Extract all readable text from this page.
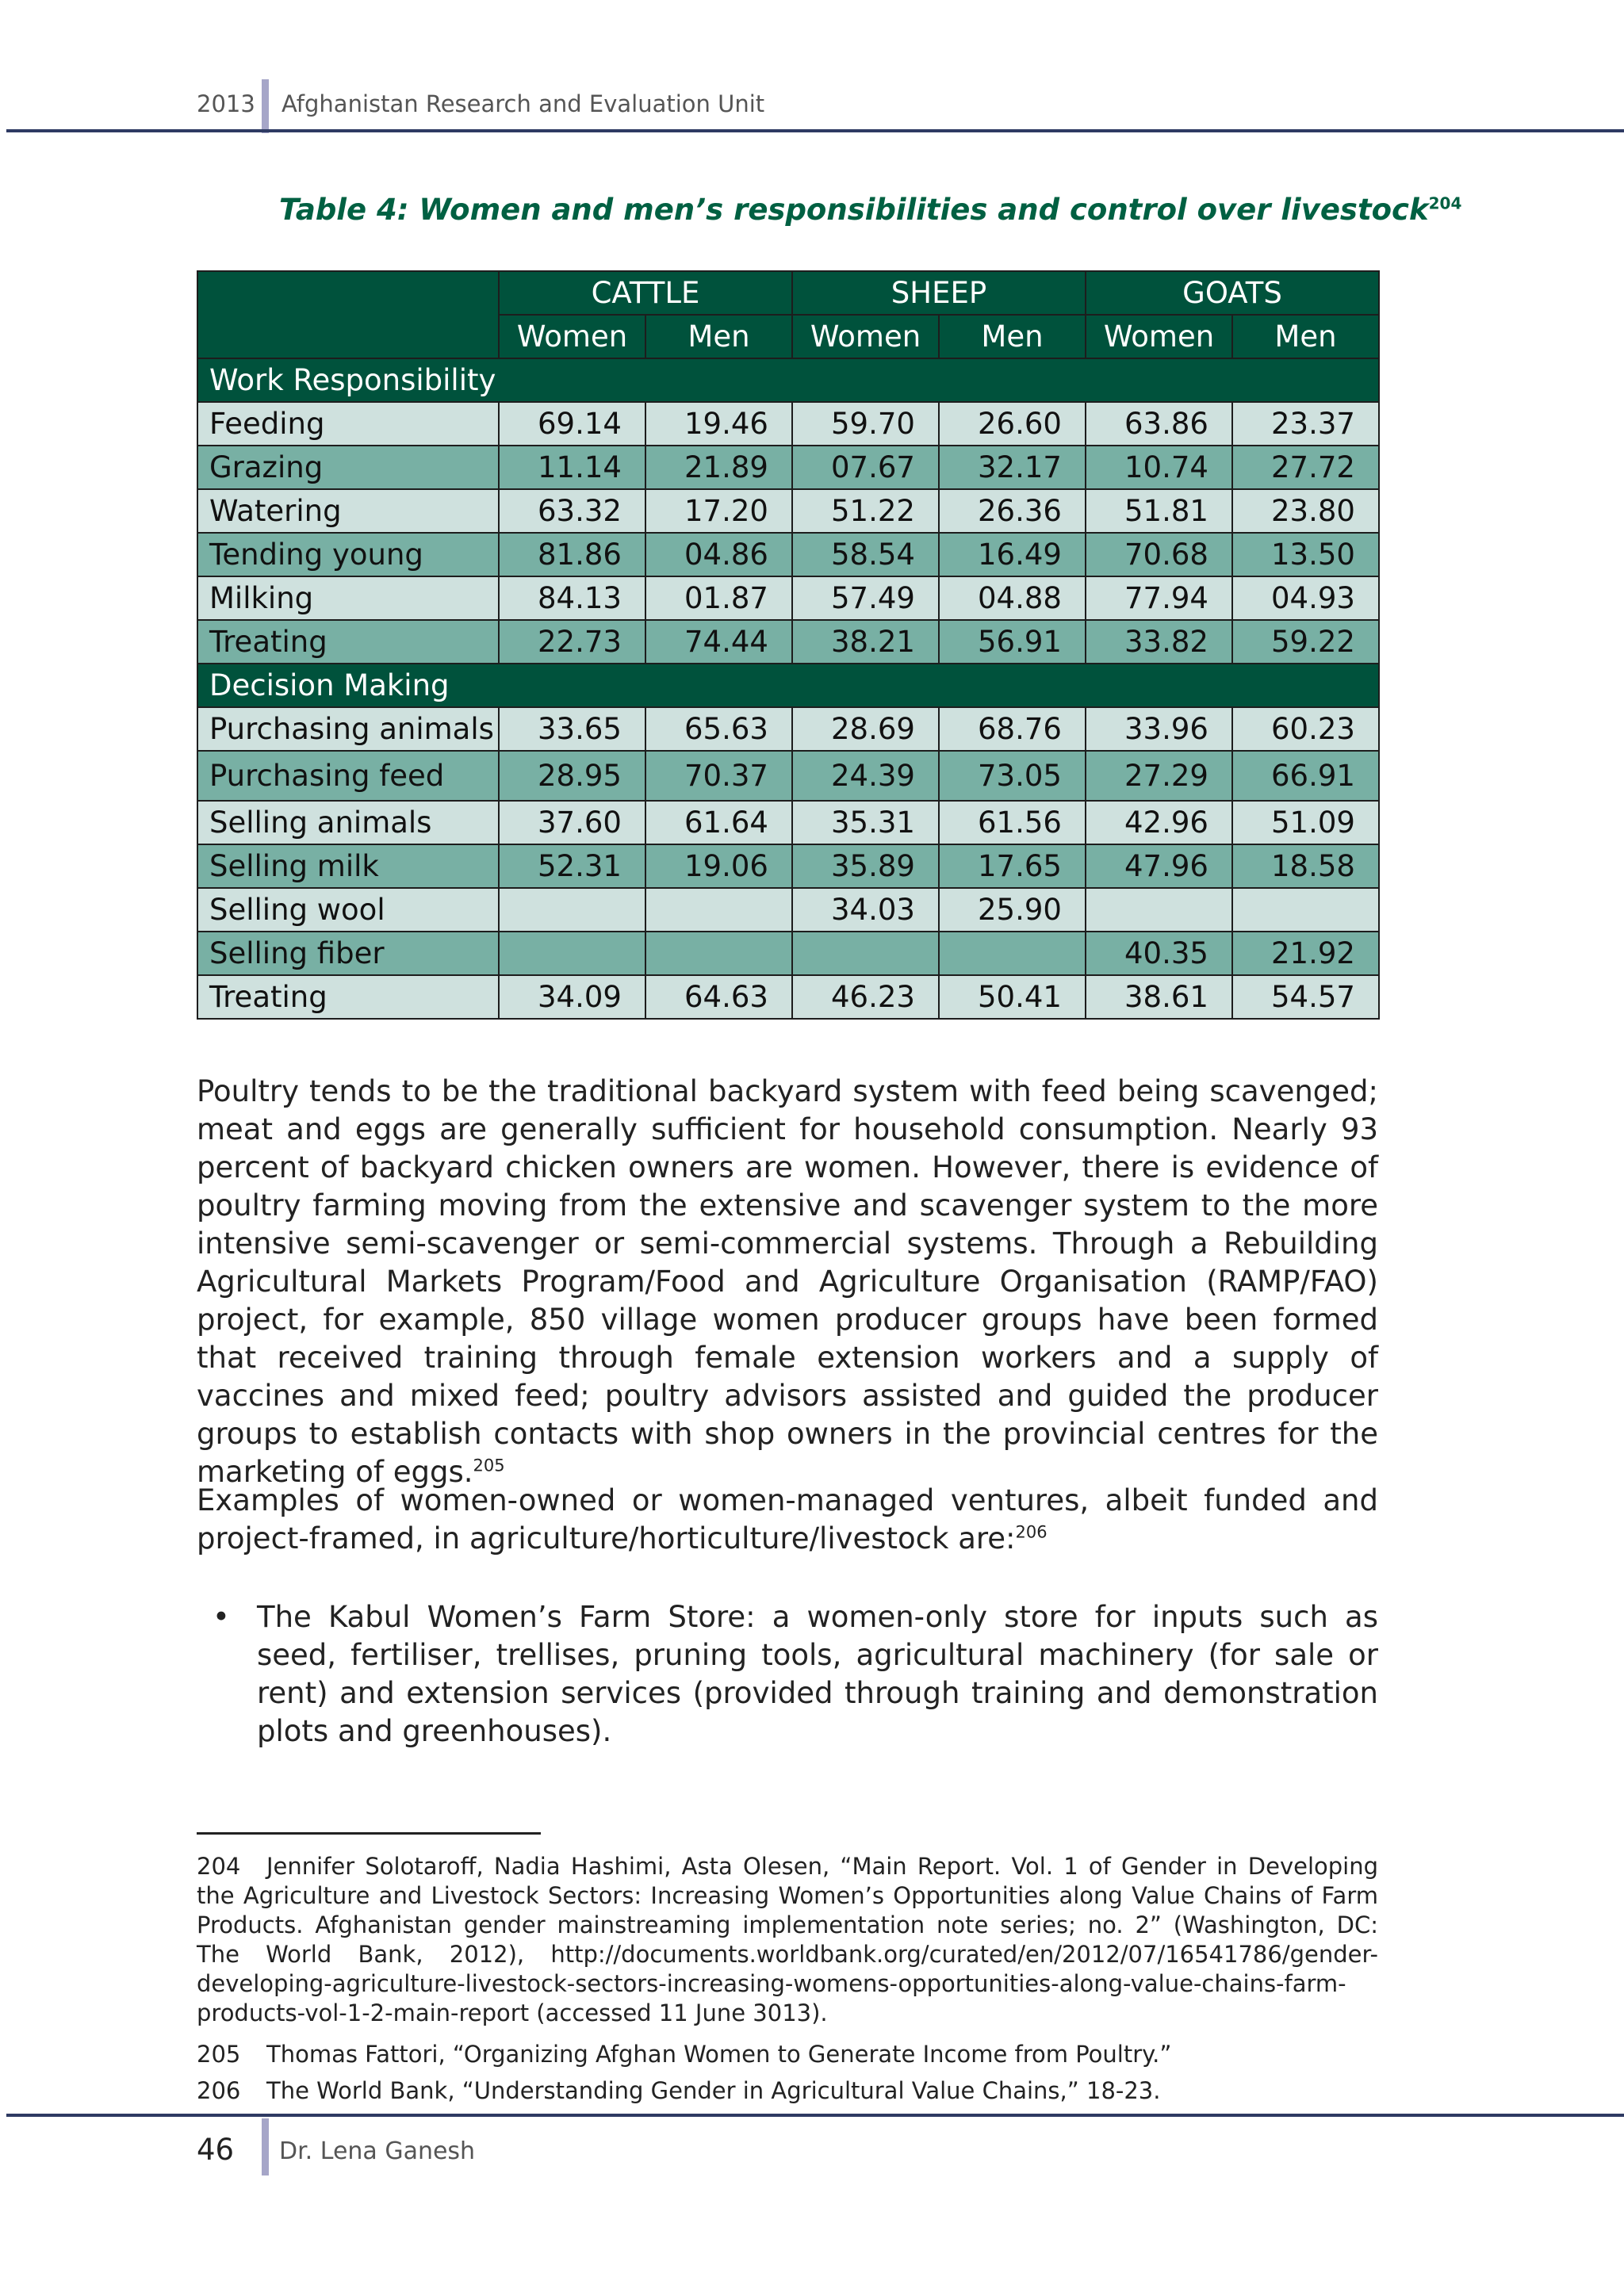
2013 Afghanistan Research and Evaluation Unit
Table 4: Women and men’s responsibilities and control over livestock$^{204}$
	CATTLE		SHEEP		GOATS	
	Women	Men	Women	Men	Women	Men
Work Responsibility						
Feeding	69.14	19.46	59.70	26.60	63.86	23.37
Grazing	11.14	21.89	07.67	32.17	10.74	27.72
Watering	63.32	17.20	51.22	26.36	51.81	23.80
Tending young	81.86	04.86	58.54	16.49	70.68	13.50
Milking	84.13	01.87	57.49	04.88	77.94	04.93
Treating	22.73	74.44	38.21	56.91	33.82	59.22
Decision Making						
Purchasing animals	33.65	65.63	28.69	68.76	33.96	60.23
Purchasing feed	28.95	70.37	24.39	73.05	27.29	66.91
Selling animals	37.60	61.64	35.31	61.56	42.96	51.09
Selling milk	52.31	19.06	35.89	17.65	47.96	18.58
Selling wool			34.03	25.90		
Selling fiber					40.35	21.92
Treating	34.09	64.63	46.23	50.41	38.61	54.57
Poultry tends to be the traditional backyard system with feed being scavenged; meat and eggs are generally sufficient for household consumption. Nearly 93 percent of backyard chicken owners are women. However, there is evidence of poultry farming moving from the extensive and scavenger system to the more intensive semi-scavenger or semi-commercial systems. Through a Rebuilding Agricultural Markets Program/Food and Agriculture Organisation (RAMP/FAO) project, for example, 850 village women producer groups have been formed that received training through female extension workers and a supply of vaccines and mixed feed; poultry advisors assisted and guided the producer groups to establish contacts with shop owners in the provincial centres for the marketing of eggs.$^{205}$
Examples of women-owned or women-managed ventures, albeit funded and project-framed, in agriculture/horticulture/livestock are:$^{206}$
• The Kabul Women’s Farm Store: a women-only store for inputs such as seed, fertiliser, trellises, pruning tools, agricultural machinery (for sale or rent) and extension services (provided through training and demonstration plots and greenhouses).
204 Jennifer Solotaroff, Nadia Hashimi, Asta Olesen, “Main Report. Vol. 1 of Gender in Developing the Agriculture and Livestock Sectors: Increasing Women’s Opportunities along Value Chains of Farm Products. Afghanistan gender mainstreaming implementation note series; no. 2” (Washington, DC: The World Bank, 2012), http://documents.worldbank.org/curated/en/2012/07/16541786/gender-developing-agriculture-livestock-sectors-increasing-womens-opportunities-along-value-chains-farm-products-vol-1-2-main-report (accessed 11 June 3013).
205 Thomas Fattori, “Organizing Afghan Women to Generate Income from Poultry.”
206 The World Bank, “Understanding Gender in Agricultural Value Chains,” 18-23.
46 Dr. Lena Ganesh
